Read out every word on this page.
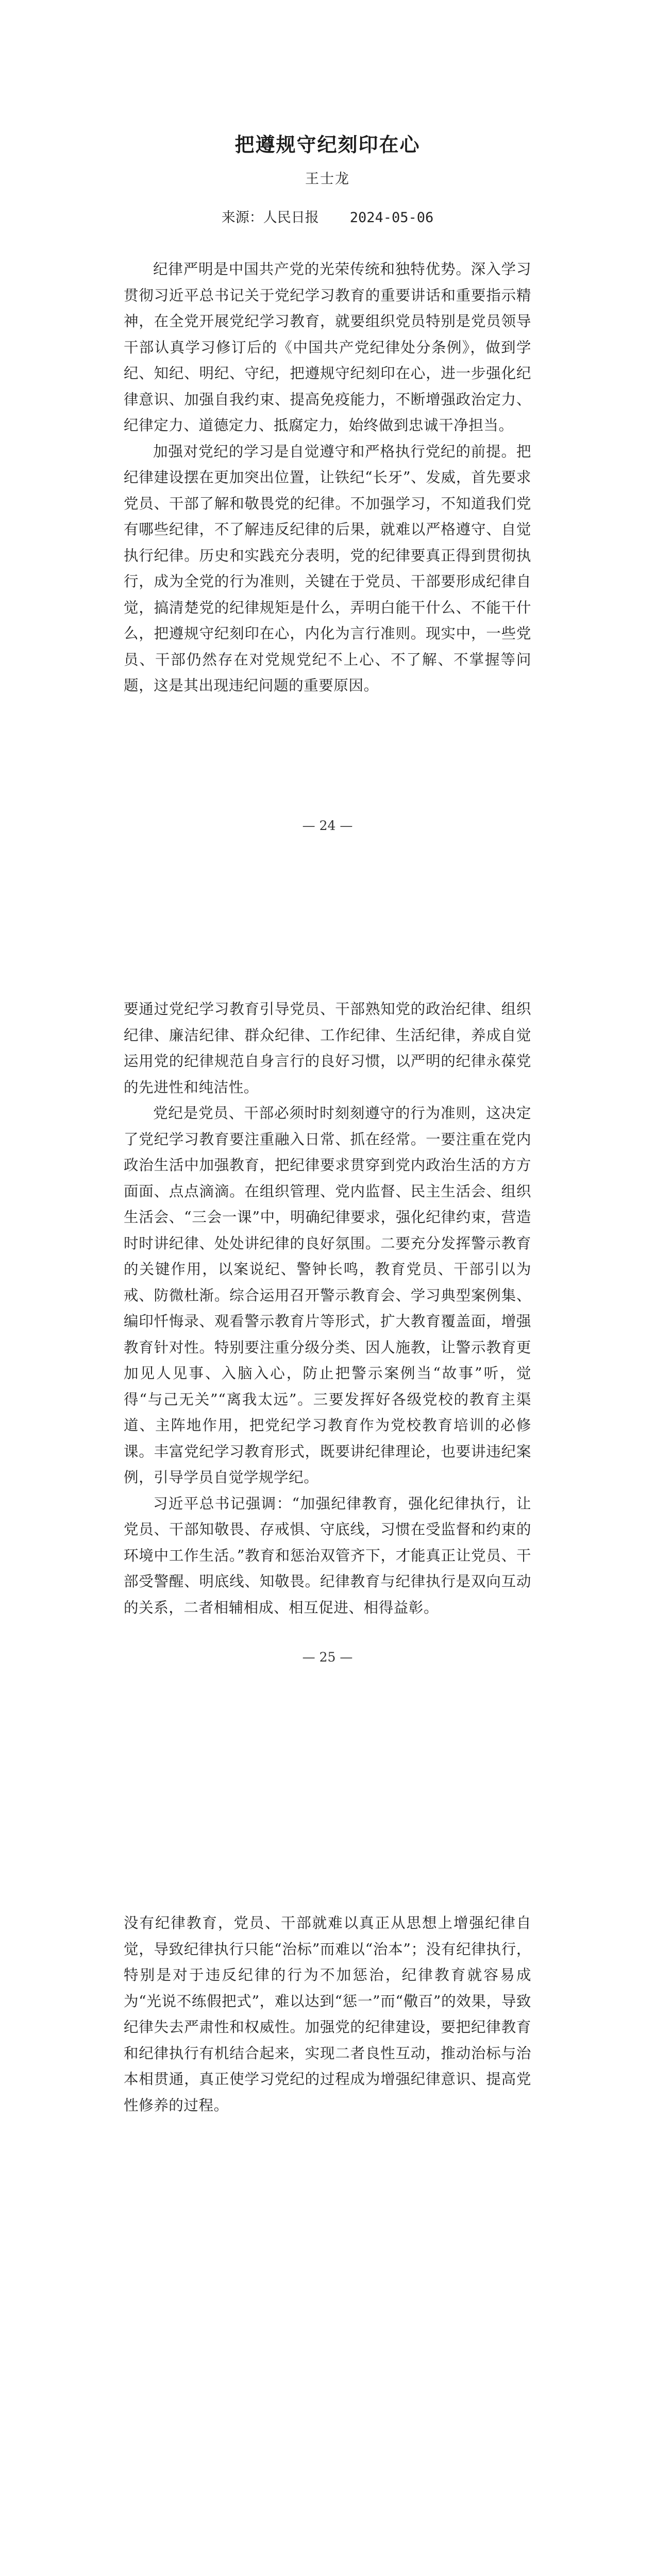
把遵规守纪刻印在心
王士龙
来源：人民日报 2024-05-06

纪律严明是中国共产党的光荣传统和独特优势。深入学习贯彻习近平总书记关于党纪学习教育的重要讲话和重要指示精神，在全党开展党纪学习教育，就要组织党员特别是党员领导干部认真学习修订后的《中国共产党纪律处分条例》，做到学纪、知纪、明纪、守纪，把遵规守纪刻印在心，进一步强化纪律意识、加强自我约束、提高免疫能力，不断增强政治定力、纪律定力、道德定力、抵腐定力，始终做到忠诚干净担当。

加强对党纪的学习是自觉遵守和严格执行党纪的前提。把纪律建设摆在更加突出位置，让铁纪“长牙”、发威，首先要求党员、干部了解和敬畏党的纪律。不加强学习，不知道我们党有哪些纪律，不了解违反纪律的后果，就难以严格遵守、自觉执行纪律。历史和实践充分表明，党的纪律要真正得到贯彻执行，成为全党的行为准则，关键在于党员、干部要形成纪律自觉，搞清楚党的纪律规矩是什么，弄明白能干什么、不能干什么，把遵规守纪刻印在心，内化为言行准则。现实中，一些党员、干部仍然存在对党规党纪不上心、不了解、不掌握等问题，这是其出现违纪问题的重要原因。

— 24 —

要通过党纪学习教育引导党员、干部熟知党的政治纪律、组织纪律、廉洁纪律、群众纪律、工作纪律、生活纪律，养成自觉运用党的纪律规范自身言行的良好习惯，以严明的纪律永葆党的先进性和纯洁性。

党纪是党员、干部必须时时刻刻遵守的行为准则，这决定了党纪学习教育要注重融入日常、抓在经常。一要注重在党内政治生活中加强教育，把纪律要求贯穿到党内政治生活的方方面面、点点滴滴。在组织管理、党内监督、民主生活会、组织生活会、“三会一课”中，明确纪律要求，强化纪律约束，营造时时讲纪律、处处讲纪律的良好氛围。二要充分发挥警示教育的关键作用，以案说纪、警钟长鸣，教育党员、干部引以为戒、防微杜渐。综合运用召开警示教育会、学习典型案例集、编印忏悔录、观看警示教育片等形式，扩大教育覆盖面，增强教育针对性。特别要注重分级分类、因人施教，让警示教育更加见人见事、入脑入心，防止把警示案例当“故事”听，觉得“与己无关”“离我太远”。三要发挥好各级党校的教育主渠道、主阵地作用，把党纪学习教育作为党校教育培训的必修课。丰富党纪学习教育形式，既要讲纪律理论，也要讲违纪案例，引导学员自觉学规学纪。

习近平总书记强调：“加强纪律教育，强化纪律执行，让党员、干部知敬畏、存戒惧、守底线，习惯在受监督和约束的环境中工作生活。”教育和惩治双管齐下，才能真正让党员、干部受警醒、明底线、知敬畏。纪律教育与纪律执行是双向互动的关系，二者相辅相成、相互促进、相得益彰。

— 25 —

没有纪律教育，党员、干部就难以真正从思想上增强纪律自觉，导致纪律执行只能“治标”而难以“治本”；没有纪律执行，特别是对于违反纪律的行为不加惩治，纪律教育就容易成为“光说不练假把式”，难以达到“惩一”而“儆百”的效果，导致纪律失去严肃性和权威性。加强党的纪律建设，要把纪律教育和纪律执行有机结合起来，实现二者良性互动，推动治标与治本相贯通，真正使学习党纪的过程成为增强纪律意识、提高党性修养的过程。
